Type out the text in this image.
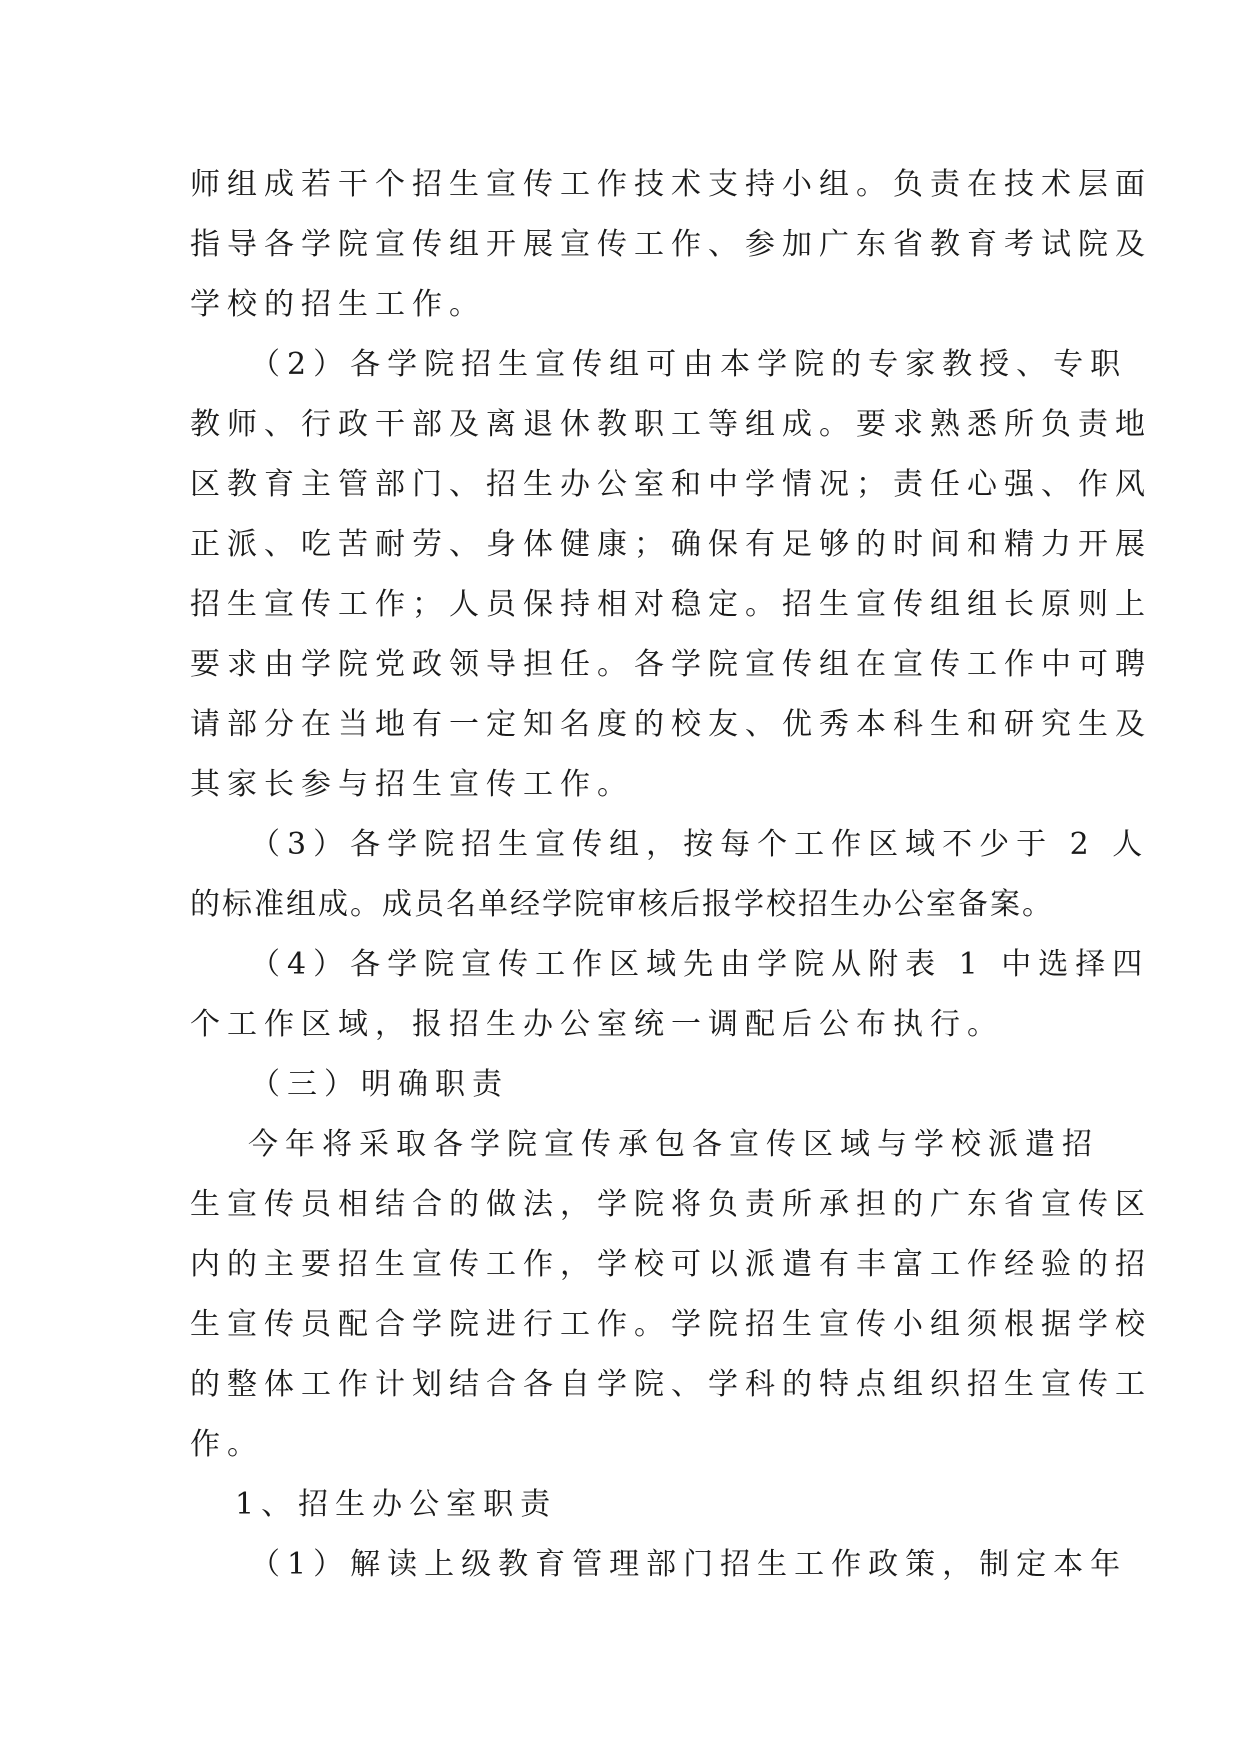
师组成若干个招生宣传工作技术支持小组。负责在技术层面

指导各学院宣传组开展宣传工作、参加广东省教育考试院及

学校的招生工作。

（2）各学院招生宣传组可由本学院的专家教授、专职

教师、行政干部及离退休教职工等组成。要求熟悉所负责地

区教育主管部门、招生办公室和中学情况；责任心强、作风

正派、吃苦耐劳、身体健康；确保有足够的时间和精力开展

招生宣传工作；人员保持相对稳定。招生宣传组组长原则上

要求由学院党政领导担任。各学院宣传组在宣传工作中可聘

请部分在当地有一定知名度的校友、优秀本科生和研究生及

其家长参与招生宣传工作。

（3）各学院招生宣传组，按每个工作区域不少于 2 人

的标准组成。成员名单经学院审核后报学校招生办公室备案。

（4）各学院宣传工作区域先由学院从附表 1 中选择四

个工作区域，报招生办公室统一调配后公布执行。

（三）明确职责

今年将采取各学院宣传承包各宣传区域与学校派遣招

生宣传员相结合的做法，学院将负责所承担的广东省宣传区

内的主要招生宣传工作，学校可以派遣有丰富工作经验的招

生宣传员配合学院进行工作。学院招生宣传小组须根据学校

的整体工作计划结合各自学院、学科的特点组织招生宣传工

作。

1、招生办公室职责

（1）解读上级教育管理部门招生工作政策，制定本年
